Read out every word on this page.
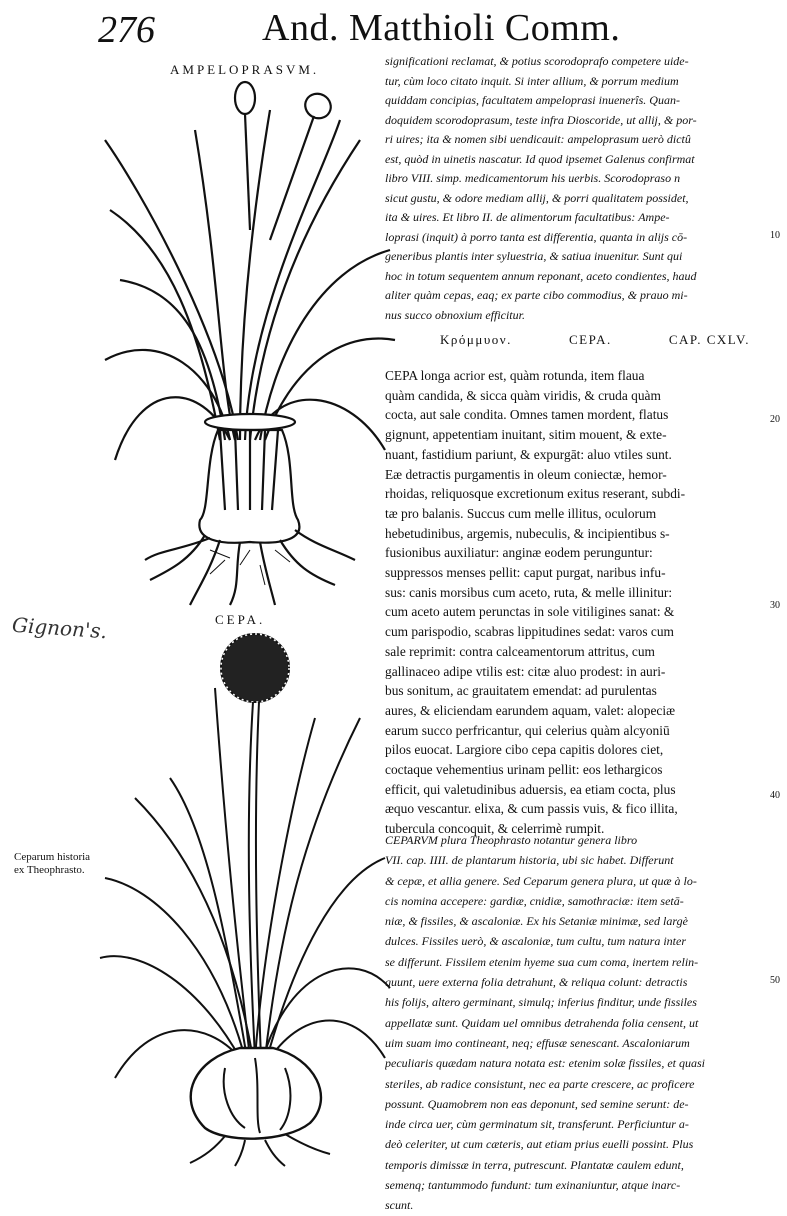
276	And. Matthioli Comm.
AMPELOPRASVM.
CEPA.
Gignon's.
Ceparum historia ex Theophrasto.
significationi reclamat, & potius scorodoprafo competere uide-
tur, cùm loco citato inquit. Si inter allium, & porrum medium
quiddam concipias, facultatem ampeloprasi inuenerîs. Quan-
doquidem scorodoprasum, teste infra Dioscoride, ut allij, & por-
ri uires; ita & nomen sibi uendicauit: ampeloprasum uerò dictû
est, quòd in uinetis nascatur. Id quod ipsemet Galenus confirmat
libro VIII. simp. medicamentorum his uerbis. Scorodopraso n
sicut gustu, & odore mediam allij, & porri qualitatem possidet,
ita & uires. Et libro II. de alimentorum facultatibus: Ampe-
loprasi (inquit) à porro tanta est differentia, quanta in alijs cō-
generibus plantis inter syluestria, & satiua inuenitur. Sunt qui
hoc in totum sequentem annum reponant, aceto condientes, haud
aliter quàm cepas, eaq; ex parte cibo commodius, & prauo mi-
nus succo obnoxium efficitur.
Κρόμμυον.	CEPA.	CAP. CXLV.
CEPA longa acrior est, quàm rotunda, item flaua
quàm candida, & sicca quàm viridis, & cruda quàm
cocta, aut sale condita. Omnes tamen mordent, flatus
gignunt, appetentiam inuitant, sitim mouent, & exte-
nuant, fastidium pariunt, & expurgāt: aluo vtiles sunt.
Eæ detractis purgamentis in oleum coniectæ, hemor-
rhoidas, reliquosque excretionum exitus reserant, subdi-
tæ pro balanis. Succus cum melle illitus, oculorum
hebetudinibus, argemis, nubeculis, & incipientibus s-
fusionibus auxiliatur: anginæ eodem perunguntur:
suppressos menses pellit: caput purgat, naribus infu-
sus: canis morsibus cum aceto, ruta, & melle illinitur:
cum aceto autem perunctas in sole vitiligines sanat: &
cum parispodio, scabras lippitudines sedat: varos cum
sale reprimit: contra calceamentorum attritus, cum
gallinaceo adipe vtilis est: citæ aluo prodest: in auri-
bus sonitum, ac grauitatem emendat: ad purulentas
aures, & eliciendam earundem aquam, valet: alopeciæ
earum succo perfricantur, qui celerius quàm alcyoniū
pilos euocat. Largiore cibo cepa capitis dolores ciet,
coctaque vehementius urinam pellit: eos lethargicos
efficit, qui valetudinibus aduersis, ea etiam cocta, plus
æquo vescantur. elixa, & cum passis vuis, & fico illita,
tubercula concoquit, & celerrimè rumpit.
CEPARVM plura Theophrasto notantur genera libro
VII. cap. IIII. de plantarum historia, ubi sic habet. Differunt
& cepæ, et allia genere. Sed Ceparum genera plura, ut quæ à lo-
cis nomina accepere: gardiæ, cnidiæ, samothraciæ: item setā-
niæ, & fissiles, & ascaloniæ. Ex his Setaniæ minimæ, sed largè
dulces. Fissiles uerò, & ascaloniæ, tum cultu, tum natura inter
se differunt. Fissilem etenim hyeme sua cum coma, inertem relin-
quunt, uere externa folia detrahunt, & reliqua colunt: detractis
his folijs, altero germinant, simulq; inferius finditur, unde fissiles
appellatæ sunt. Quidam uel omnibus detrahenda folia censent, ut
uim suam imo contineant, neq; effusæ senescant. Ascaloniarum
peculiaris quædam natura notata est: etenim solæ fissiles, et quasi
steriles, ab radice consistunt, nec ea parte crescere, ac proficere
possunt. Quamobrem non eas deponunt, sed semine serunt: de-
inde circa uer, cùm germinatum sit, transferunt. Perficiuntur a-
deò celeriter, ut cum cæteris, aut etiam prius euelli possint. Plus
temporis dimissæ in terra, putrescunt. Plantatæ caulem edunt,
semenq; tantummodo fundunt: tum exinaniuntur, atque inarc-
scunt.
10
20
30
40
50
